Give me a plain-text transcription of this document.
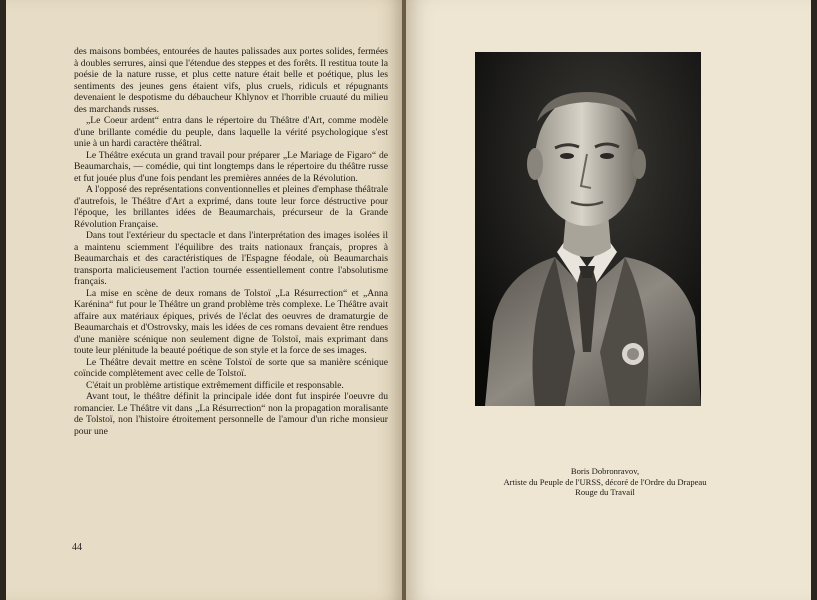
des maisons bombées, entourées de hautes palissades aux portes solides, fermées à doubles serrures, ainsi que l'étendue des steppes et des forêts. Il restitua toute la poésie de la nature russe, et plus cette nature était belle et poétique, plus les sentiments des jeunes gens étaient vifs, plus cruels, ridiculs et répugnants devenaient le despotisme du débaucheur Khlynov et l'horrible cruauté du milieu des marchands russes.

„Le Coeur ardent“ entra dans le répertoire du Théâtre d'Art, comme modèle d'une brillante comédie du peuple, dans laquelle la vérité psychologique s'est unie à un hardi caractère théâtral.

Le Théâtre exécuta un grand travail pour préparer „Le Mariage de Figaro“ de Beaumarchais, — comédie, qui tint longtemps dans le répertoire du théâtre russe et fut jouée plus d'une fois pendant les premières années de la Révolution.

A l'opposé des représentations conventionnelles et pleines d'emphase théâtrale d'autrefois, le Théâtre d'Art a exprimé, dans toute leur force déstructive pour l'époque, les brillantes idées de Beaumarchais, précurseur de la Grande Révolution Française.

Dans tout l'extérieur du spectacle et dans l'interprétation des images isolées il a maintenu sciemment l'équilibre des traits nationaux français, propres à Beaumarchais et des caractéristiques de l'Espagne féodale, où Beaumarchais transporta malicieusement l'action tournée essentiellement contre l'absolutisme français.

La mise en scène de deux romans de Tolstoï „La Résurrection“ et „Anna Karénina“ fut pour le Théâtre un grand problème très complexe. Le Théâtre avait affaire aux matériaux épiques, privés de l'éclat des oeuvres de dramaturgie de Beaumarchais et d'Ostrovsky, mais les idées de ces romans devaient être rendues d'une manière scénique non seulement digne de Tolstoï, mais exprimant dans toute leur plénitude la beauté poétique de son style et la force de ses images.

Le Théâtre devait mettre en scène Tolstoï de sorte que sa manière scénique coïncide complètement avec celle de Tolstoï.

C'était un problème artistique extrêmement difficile et responsable.

Avant tout, le théâtre définit la principale idée dont fut inspirée l'oeuvre du romancier. Le Théâtre vit dans „La Résurrection“ non la propagation moralisante de Tolstoï, non l'histoire étroitement personnelle de l'amour d'un riche monsieur pour une

44
Boris Dobronravov,
Artiste du Peuple de l'URSS, décoré de l'Ordre du Drapeau
Rouge du Travail
